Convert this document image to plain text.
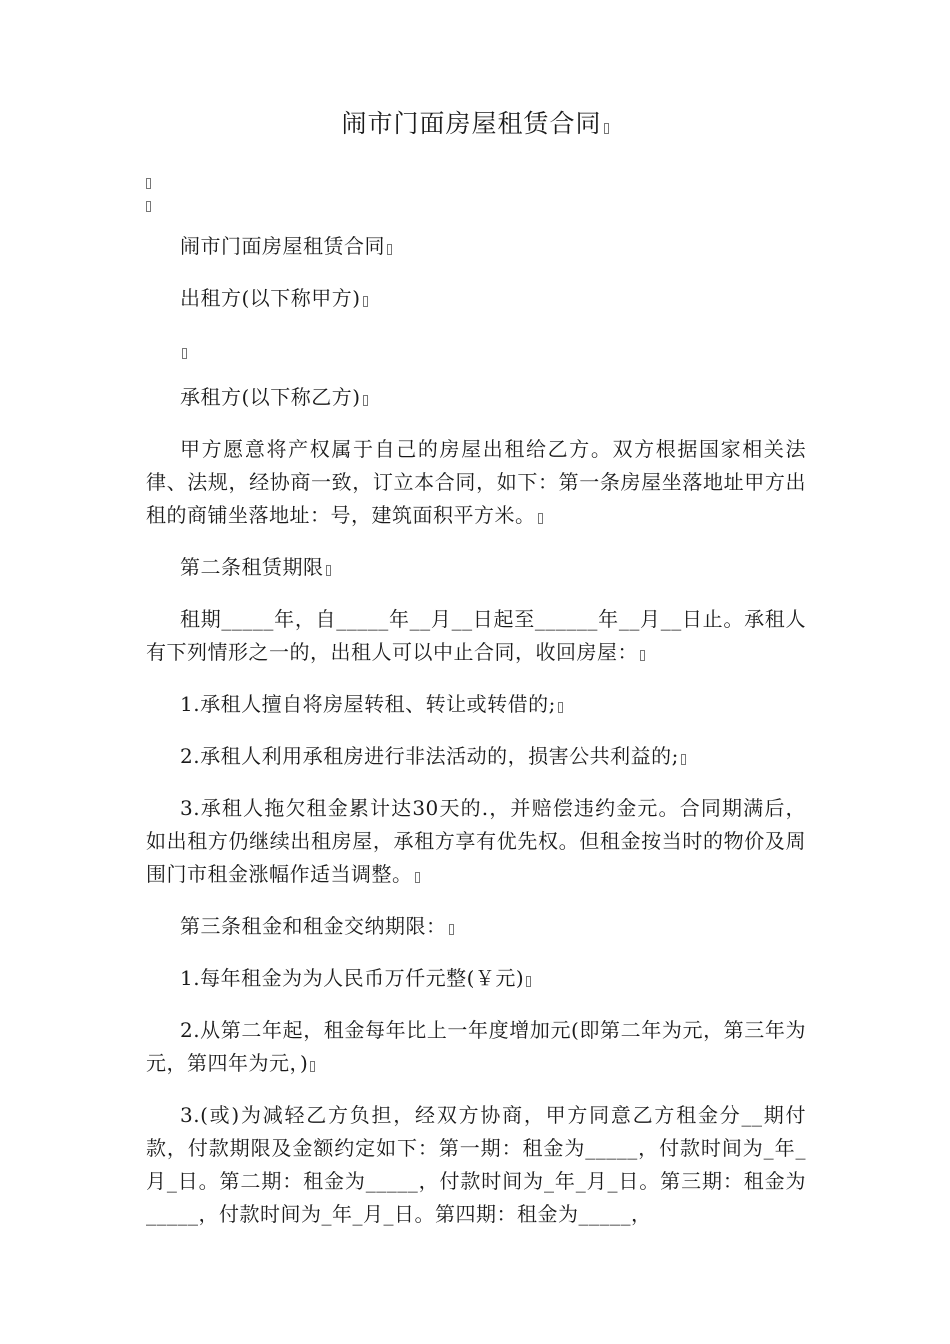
闹市门面房屋租赁合同

闹市门面房屋租赁合同

出租方(以下称甲方)

承租方(以下称乙方)

甲方愿意将产权属于自己的房屋出租给乙方。双方根据国家相关法律、法规，经协商一致，订立本合同，如下：第一条房屋坐落地址甲方出租的商铺坐落地址：号，建筑面积平方米。

第二条租赁期限

租期_____年，自_____年__月__日起至______年__月__日止。承租人有下列情形之一的，出租人可以中止合同，收回房屋：

1.承租人擅自将房屋转租、转让或转借的;

2.承租人利用承租房进行非法活动的，损害公共利益的;

3.承租人拖欠租金累计达30天的.，并赔偿违约金元。合同期满后，如出租方仍继续出租房屋，承租方享有优先权。但租金按当时的物价及周围门市租金涨幅作适当调整。

第三条租金和租金交纳期限：

1.每年租金为为人民币万仟元整(￥元)

2.从第二年起，租金每年比上一年度增加元(即第二年为元，第三年为元，第四年为元，)

3.(或)为减轻乙方负担，经双方协商，甲方同意乙方租金分__期付款，付款期限及金额约定如下：第一期：租金为_____，付款时间为_年_月_日。第二期：租金为_____，付款时间为_年_月_日。第三期：租金为_____，付款时间为_年_月_日。第四期：租金为_____，
